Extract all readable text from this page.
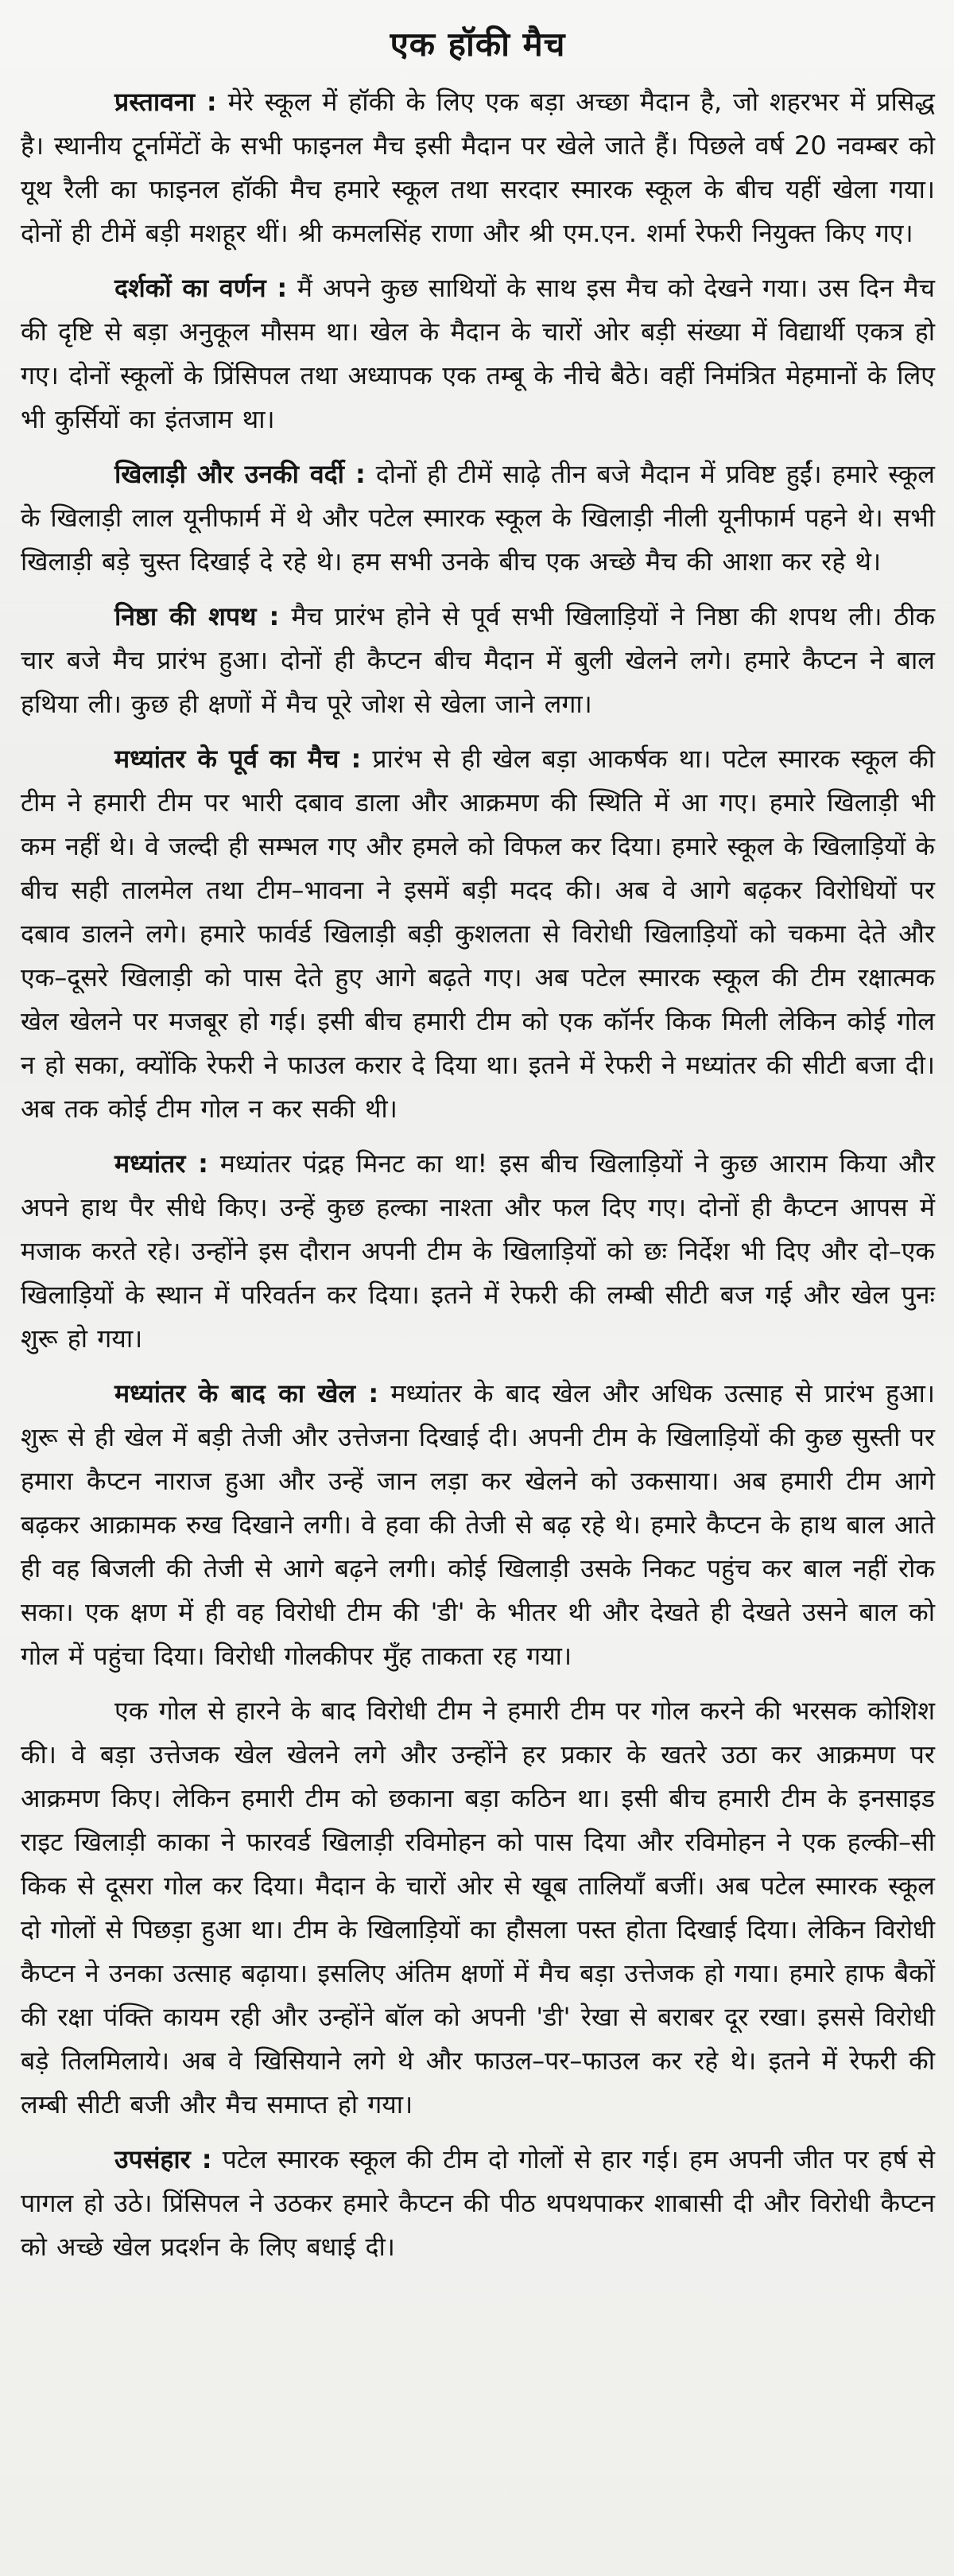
एक हॉकी मैच

प्रस्तावना : मेरे स्कूल में हॉकी के लिए एक बड़ा अच्छा मैदान है, जो शहरभर में प्रसिद्ध है। स्थानीय टूर्नामेंटों के सभी फाइनल मैच इसी मैदान पर खेले जाते हैं। पिछले वर्ष 20 नवम्बर को यूथ रैली का फाइनल हॉकी मैच हमारे स्कूल तथा सरदार स्मारक स्कूल के बीच यहीं खेला गया। दोनों ही टीमें बड़ी मशहूर थीं। श्री कमलसिंह राणा और श्री एम.एन. शर्मा रेफरी नियुक्त किए गए।

दर्शकों का वर्णन : मैं अपने कुछ साथियों के साथ इस मैच को देखने गया। उस दिन मैच की दृष्टि से बड़ा अनुकूल मौसम था। खेल के मैदान के चारों ओर बड़ी संख्या में विद्यार्थी एकत्र हो गए। दोनों स्कूलों के प्रिंसिपल तथा अध्यापक एक तम्बू के नीचे बैठे। वहीं निमंत्रित मेहमानों के लिए भी कुर्सियों का इंतजाम था।

खिलाड़ी और उनकी वर्दी : दोनों ही टीमें साढ़े तीन बजे मैदान में प्रविष्ट हुईं। हमारे स्कूल के खिलाड़ी लाल यूनीफार्म में थे और पटेल स्मारक स्कूल के खिलाड़ी नीली यूनीफार्म पहने थे। सभी खिलाड़ी बड़े चुस्त दिखाई दे रहे थे। हम सभी उनके बीच एक अच्छे मैच की आशा कर रहे थे।

निष्ठा की शपथ : मैच प्रारंभ होने से पूर्व सभी खिलाड़ियों ने निष्ठा की शपथ ली। ठीक चार बजे मैच प्रारंभ हुआ। दोनों ही कैप्टन बीच मैदान में बुली खेलने लगे। हमारे कैप्टन ने बाल हथिया ली। कुछ ही क्षणों में मैच पूरे जोश से खेला जाने लगा।

मध्यांतर के पूर्व का मैच : प्रारंभ से ही खेल बड़ा आकर्षक था। पटेल स्मारक स्कूल की टीम ने हमारी टीम पर भारी दबाव डाला और आक्रमण की स्थिति में आ गए। हमारे खिलाड़ी भी कम नहीं थे। वे जल्दी ही सम्भल गए और हमले को विफल कर दिया। हमारे स्कूल के खिलाड़ियों के बीच सही तालमेल तथा टीम–भावना ने इसमें बड़ी मदद की। अब वे आगे बढ़कर विरोधियों पर दबाव डालने लगे। हमारे फार्वर्ड खिलाड़ी बड़ी कुशलता से विरोधी खिलाड़ियों को चकमा देते और एक–दूसरे खिलाड़ी को पास देते हुए आगे बढ़ते गए। अब पटेल स्मारक स्कूल की टीम रक्षात्मक खेल खेलने पर मजबूर हो गई। इसी बीच हमारी टीम को एक कॉर्नर किक मिली लेकिन कोई गोल न हो सका, क्योंकि रेफरी ने फाउल करार दे दिया था। इतने में रेफरी ने मध्यांतर की सीटी बजा दी। अब तक कोई टीम गोल न कर सकी थी।

मध्यांतर : मध्यांतर पंद्रह मिनट का था! इस बीच खिलाड़ियों ने कुछ आराम किया और अपने हाथ पैर सीधे किए। उन्हें कुछ हल्का नाश्ता और फल दिए गए। दोनों ही कैप्टन आपस में मजाक करते रहे। उन्होंने इस दौरान अपनी टीम के खिलाड़ियों को छः निर्देश भी दिए और दो–एक खिलाड़ियों के स्थान में परिवर्तन कर दिया। इतने में रेफरी की लम्बी सीटी बज गई और खेल पुनः शुरू हो गया।

मध्यांतर के बाद का खेल : मध्यांतर के बाद खेल और अधिक उत्साह से प्रारंभ हुआ। शुरू से ही खेल में बड़ी तेजी और उत्तेजना दिखाई दी। अपनी टीम के खिलाड़ियों की कुछ सुस्ती पर हमारा कैप्टन नाराज हुआ और उन्हें जान लड़ा कर खेलने को उकसाया। अब हमारी टीम आगे बढ़कर आक्रामक रुख दिखाने लगी। वे हवा की तेजी से बढ़ रहे थे। हमारे कैप्टन के हाथ बाल आते ही वह बिजली की तेजी से आगे बढ़ने लगी। कोई खिलाड़ी उसके निकट पहुंच कर बाल नहीं रोक सका। एक क्षण में ही वह विरोधी टीम की 'डी' के भीतर थी और देखते ही देखते उसने बाल को गोल में पहुंचा दिया। विरोधी गोलकीपर मुँह ताकता रह गया।

एक गोल से हारने के बाद विरोधी टीम ने हमारी टीम पर गोल करने की भरसक कोशिश की। वे बड़ा उत्तेजक खेल खेलने लगे और उन्होंने हर प्रकार के खतरे उठा कर आक्रमण पर आक्रमण किए। लेकिन हमारी टीम को छकाना बड़ा कठिन था। इसी बीच हमारी टीम के इनसाइड राइट खिलाड़ी काका ने फारवर्ड खिलाड़ी रविमोहन को पास दिया और रविमोहन ने एक हल्की–सी किक से दूसरा गोल कर दिया। मैदान के चारों ओर से खूब तालियाँ बजीं। अब पटेल स्मारक स्कूल दो गोलों से पिछड़ा हुआ था। टीम के खिलाड़ियों का हौसला पस्त होता दिखाई दिया। लेकिन विरोधी कैप्टन ने उनका उत्साह बढ़ाया। इसलिए अंतिम क्षणों में मैच बड़ा उत्तेजक हो गया। हमारे हाफ बैकों की रक्षा पंक्ति कायम रही और उन्होंने बॉल को अपनी 'डी' रेखा से बराबर दूर रखा। इससे विरोधी बड़े तिलमिलाये। अब वे खिसियाने लगे थे और फाउल–पर–फाउल कर रहे थे। इतने में रेफरी की लम्बी सीटी बजी और मैच समाप्त हो गया।

उपसंहार : पटेल स्मारक स्कूल की टीम दो गोलों से हार गई। हम अपनी जीत पर हर्ष से पागल हो उठे। प्रिंसिपल ने उठकर हमारे कैप्टन की पीठ थपथपाकर शाबासी दी और विरोधी कैप्टन को अच्छे खेल प्रदर्शन के लिए बधाई दी।
